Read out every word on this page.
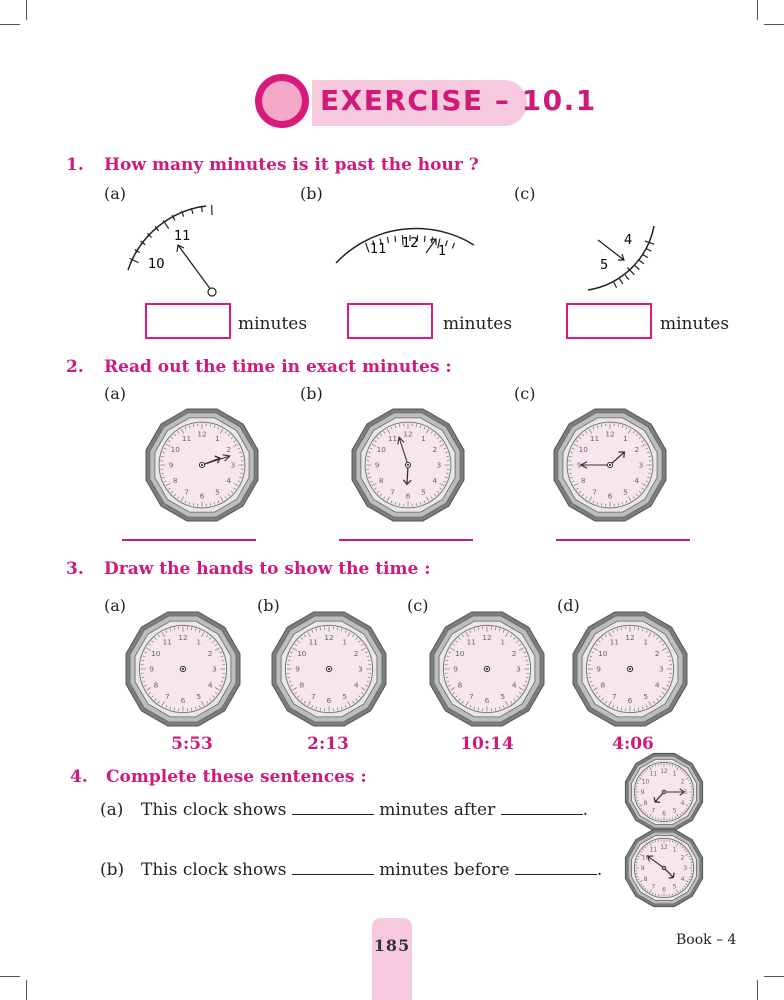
EXERCISE – 10.1
1. How many minutes is it past the hour ?
(a)	(b)	(c)
10
11
11 12
1
4
5
minutes	minutes	minutes
2. Read out the time in exact minutes :
(a)	(b)	(c)
12 1
2
3
4
5
6
7
8
9
10
11	12 1
2
3
4
5
6
7
8
9
10
11	12 1
2
3
4
5
6
7
8
9
10
11
3. Draw the hands to show the time :
(a)	(b)	(c)	(d)
12 1
2
3
4
5
6
7
8
9
10
11	12 1
2
3
4
5
6
7
8
9
10
11	12 1
2
3
4
5
6
7
8
9
10
11	12 1
2
3
4
5
6
7
8
9
10
11
5:53	2:13	10:14	4:06
4. Complete these sentences :
(a) This clock shows	minutes after	.
(b) This clock shows	minutes before	.
12 1
2
3
4
5
6
7
8
9
10
11
12 1
2
3
4
5
6
7
8
9
10
11
185	Book – 4
